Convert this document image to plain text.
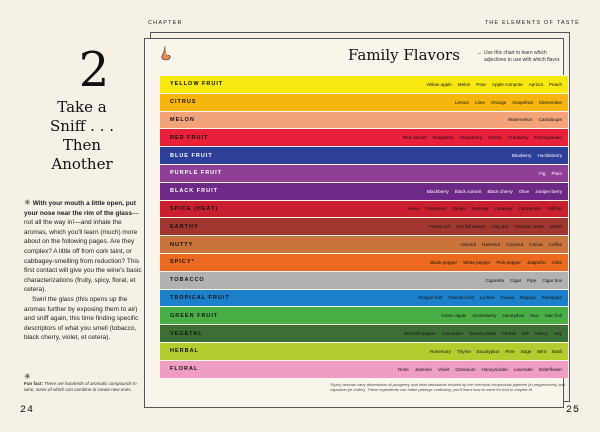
CHAPTER	THE ELEMENTS OF TASTE
2
Take a
Sniff . . .
Then
Another

✳ With your mouth a little open, put your nose near the rim of the glass—not all the way in!—and inhale the aromas, which you'll learn (much) more about on the following pages. Are they complex? A little off from cork taint, or cabbagey-smelling from reduction? This first contact will give you the wine's basic characterizations (fruity, spicy, floral, et cetera).

Swirl the glass (this opens up the aromas further by exposing them to air) and sniff again, this time finding specific descriptors of what you smell (tobacco, black cherry, violet, et cetera).

✳
Fun fact: There are hundreds of aromatic compounds in wine, some of which can combine to create new ones.
24	25
Family Flavors	→ Use this chart to learn which adjectives to use with which flavor.
YELLOW FRUIT	Yellow apple Melon Pear Apple compote Apricot Peach
CITRUS	Lemon Lime Orange Grapefruit Clementine
MELON	Watermelon Cantaloupe
RED FRUIT	Red currant Raspberry Strawberry Cherry Cranberry Pomegranate
BLUE FRUIT	Blueberry Huckleberry
PURPLE FRUIT	Fig Plum
BLACK FRUIT	Blackberry Black currant Black cherry Olive Juniper berry
SPICE (HEAT)	Anise Cinnamon Ginger Nutmeg Caraway Cardamom Saffron
EARTHY	Forest soil Dry fall leaves Clay pot Volcanic stone Mulch
NUTTY	Almond Hazelnut Coconut Cocoa Coffee
SPICY*	Black pepper White pepper Pink pepper Jalapeño Chile
TOBACCO	Cigarette Cigar Pipe Cigar box
TROPICAL FRUIT	Dragon fruit Passion fruit Lychee Guava Papaya Pineapple
GREEN FRUIT	Green apple Gooseberry Honeydew Kiwi Star fruit
VEGETAL	Red bell pepper Cucumber Sweet potato Fennel Dill Celery Hay
HERBAL	Rosemary Thyme Eucalyptus Pine Sage Mint Basil
FLORAL	Rose Jasmine Violet Geranium Honeysuckle Lavender Elderflower
*Spicy aromas carry dimensions of pungency and heat sensations evoked by the chemical compounds piperine (in peppercorns) and capsaicin (in chiles). These ingredients can make pairings confusing; you'll learn how to solve for that in chapter III.
